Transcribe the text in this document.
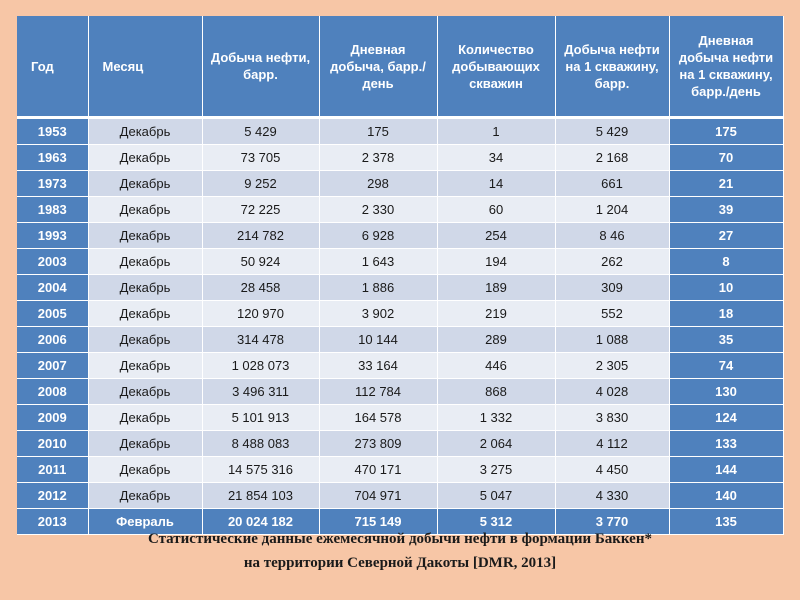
Год	Месяц	Добыча нефти, барр.	Дневная добыча, барр./ день	Количество добывающих скважин	Добыча нефти на 1 скважину, барр.	Дневная добыча нефти на 1 скважину, барр./день
1953	Декабрь	5 429	175	1	5 429	175
1963	Декабрь	73 705	2 378	34	2 168	70
1973	Декабрь	9 252	298	14	661	21
1983	Декабрь	72 225	2 330	60	1 204	39
1993	Декабрь	214 782	6 928	254	8 46	27
2003	Декабрь	50 924	1 643	194	262	8
2004	Декабрь	28 458	1 886	189	309	10
2005	Декабрь	120 970	3 902	219	552	18
2006	Декабрь	314 478	10 144	289	1 088	35
2007	Декабрь	1 028 073	33 164	446	2 305	74
2008	Декабрь	3 496 311	112 784	868	4 028	130
2009	Декабрь	5 101 913	164 578	1 332	3 830	124
2010	Декабрь	8 488 083	273 809	2 064	4 112	133
2011	Декабрь	14 575 316	470 171	3 275	4 450	144
2012	Декабрь	21 854 103	704 971	5 047	4 330	140
2013	Февраль	20 024 182	715 149	5 312	3 770	135
Статистические данные ежемесячной добычи нефти в формации Баккен*
на территории Северной Дакоты [DMR, 2013]
